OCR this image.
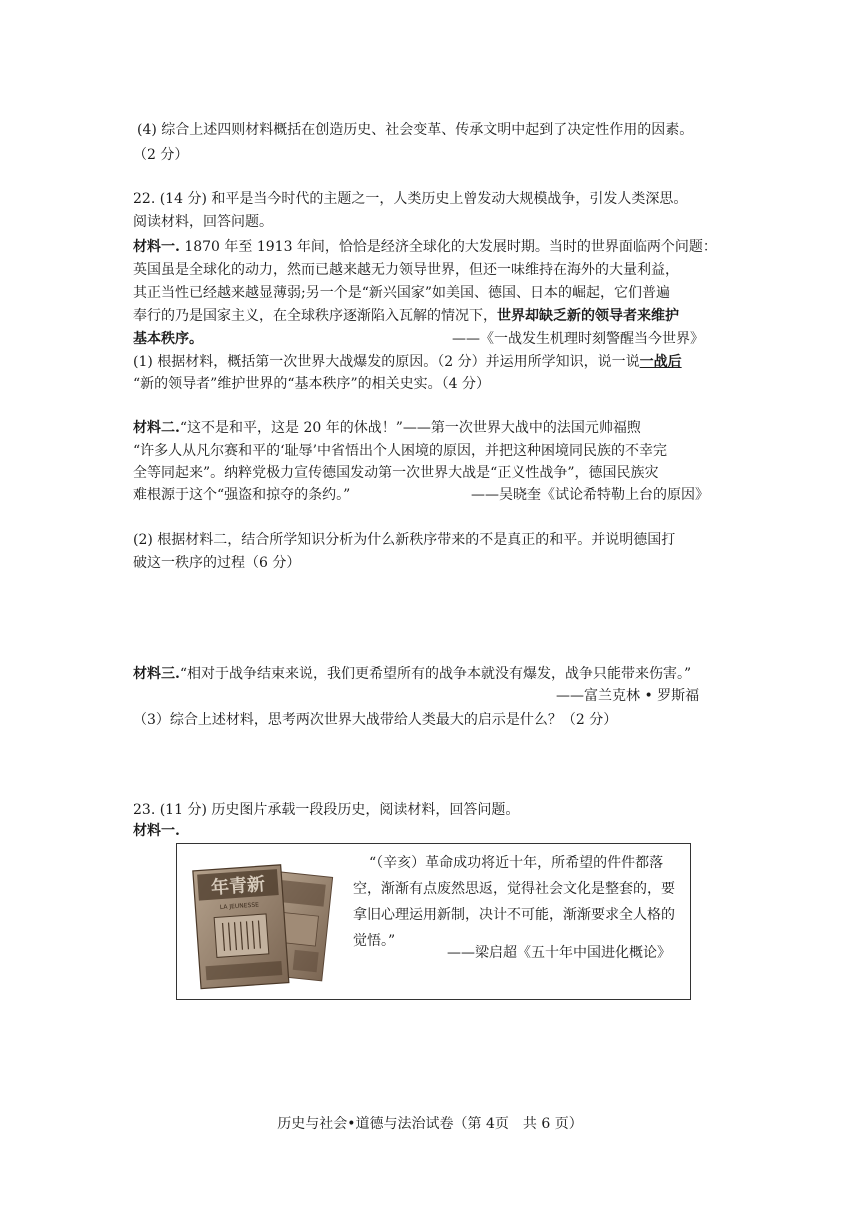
(4) 综合上述四则材料概括在创造历史、社会变革、传承文明中起到了决定性作用的因素。
（2 分）
22. (14 分) 和平是当今时代的主题之一，人类历史上曾发动大规模战争，引发人类深思。
阅读材料，回答问题。
材料一. 1870 年至 1913 年间，恰恰是经济全球化的大发展时期。当时的世界面临两个问题：
英国虽是全球化的动力，然而已越来越无力领导世界，但还一味维持在海外的大量利益，
其正当性已经越来越显薄弱;另一个是“新兴国家”如美国、德国、日本的崛起，它们普遍
奉行的乃是国家主义，在全球秩序逐渐陷入瓦解的情况下，世界却缺乏新的领导者来维护
基本秩序。	——《一战发生机理时刻警醒当今世界》
(1) 根据材料，概括第一次世界大战爆发的原因。（2 分）并运用所学知识，说一说一战后
“新的领导者”维护世界的“基本秩序”的相关史实。（4 分）
材料二.“这不是和平，这是 20 年的休战！”——第一次世界大战中的法国元帅福煦
“许多人从凡尔赛和平的‘耻辱’中省悟出个人困境的原因，并把这种困境同民族的不幸完
全等同起来”。纳粹党极力宣传德国发动第一次世界大战是“正义性战争”，德国民族灾
难根源于这个“强盗和掠夺的条约。”	——吴晓奎《试论希特勒上台的原因》
(2) 根据材料二，结合所学知识分析为什么新秩序带来的不是真正的和平。并说明德国打
破这一秩序的过程（6 分）
材料三.“相对于战争结束来说，我们更希望所有的战争本就没有爆发，战争只能带来伤害。”
——富兰克林 • 罗斯福
（3）综合上述材料，思考两次世界大战带给人类最大的启示是什么？（2 分）
23. (11 分) 历史图片承载一段段历史，阅读材料，回答问题。
材料一.
年青新
LA JEUNESSE
“（辛亥）革命成功将近十年，所希望的件件都落
空，渐渐有点废然思返，觉得社会文化是整套的，要
拿旧心理运用新制，决计不可能，渐渐要求全人格的
觉悟。”
——梁启超《五十年中国进化概论》
历史与社会•道德与法治试卷（第 4页　共 6 页）
